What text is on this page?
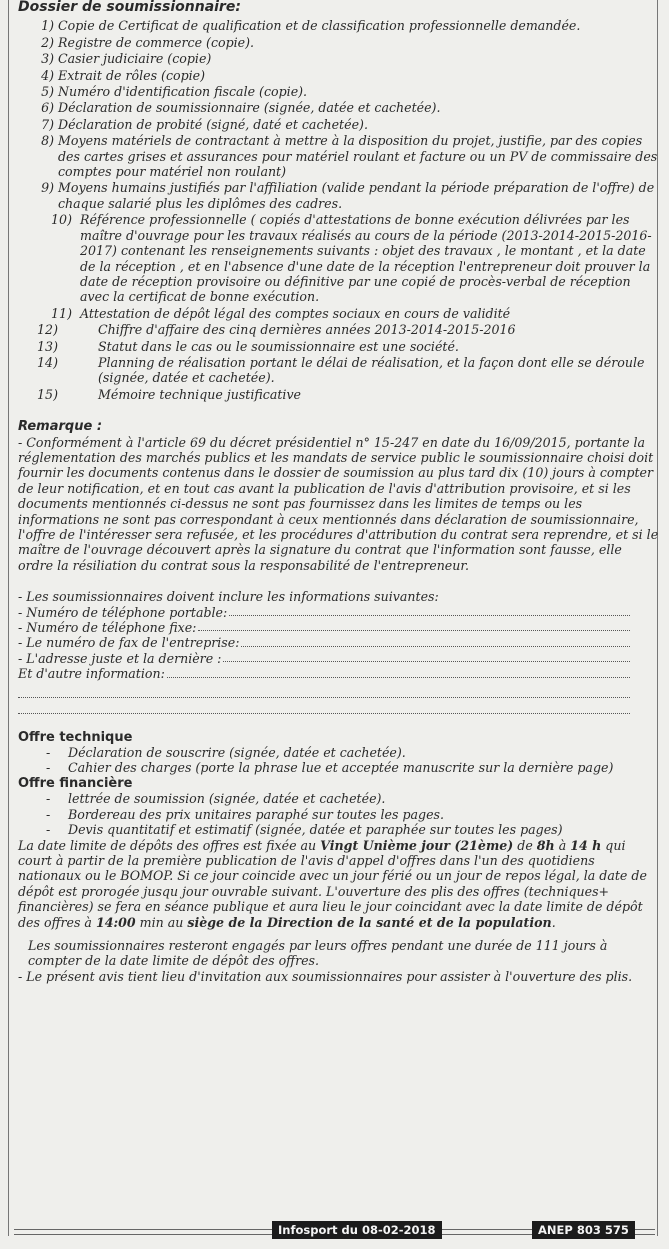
Dossier de soumissionnaire:
1) Copie de Certificat de qualification et de classification professionnelle demandée.
2) Registre de commerce (copie).
3) Casier judiciaire (copie)
4) Extrait de rôles (copie)
5) Numéro d'identification fiscale (copie).
6) Déclaration de soumissionnaire (signée, datée et cachetée).
7) Déclaration de probité (signé, daté et cachetée).
8) Moyens matériels de contractant à mettre à la disposition du projet, justifie, par des copies des cartes grises et assurances pour matériel roulant et facture ou un PV de commissaire des comptes pour matériel non roulant)
9) Moyens humains justifiés par l'affiliation (valide pendant la période préparation de l'offre) de chaque salarié plus les diplômes des cadres.
10) Référence professionnelle ( copiés d'attestations de bonne exécution délivrées par les maître d'ouvrage pour les travaux réalisés au cours de la période (2013-2014-2015-2016-2017) contenant les renseignements suivants : objet des travaux , le montant , et la date de la réception , et en l'absence d'une date de la réception l'entrepreneur doit prouver la date de réception provisoire ou définitive par une copié de procès-verbal de réception avec la certificat de bonne exécution.
11) Attestation de dépôt légal des comptes sociaux en cours de validité
12)	Chiffre d'affaire des cinq dernières années 2013-2014-2015-2016
13)	Statut dans le cas ou le soumissionnaire est une société.
14)	Planning de réalisation portant le délai de réalisation, et la façon dont elle se déroule (signée, datée et cachetée).
15)	Mémoire technique justificative
Remarque :

- Conformément à l'article 69 du décret présidentiel n° 15-247 en date du 16/09/2015, portante la réglementation des marchés publics et les mandats de service public le soumissionnaire choisi doit fournir les documents contenus dans le dossier de soumission au plus tard dix (10) jours à compter de leur notification, et en tout cas avant la publication de l'avis d'attribution provisoire, et si les documents mentionnés ci-dessus ne sont pas fournissez dans les limites de temps ou les informations ne sont pas correspondant à ceux mentionnés dans déclaration de soumissionnaire, l'offre de l'intéresser sera refusée, et les procédures d'attribution du contrat sera reprendre, et si le maître de l'ouvrage découvert après la signature du contrat que l'information sont fausse, elle ordre la résiliation du contrat sous la responsabilité de l'entrepreneur.

- Les soumissionnaires doivent inclure les informations suivantes:

- Numéro de téléphone portable:
- Numéro de téléphone fixe:
- Le numéro de fax de l'entreprise:
- L'adresse juste et la dernière :
Et d'autre information:
Offre technique
-	Déclaration de souscrire (signée, datée et cachetée).
-	Cahier des charges (porte la phrase lue et acceptée manuscrite sur la dernière page)
Offre financière
-	lettrée de soumission (signée, datée et cachetée).
-	Bordereau des prix unitaires paraphé sur toutes les pages.
-	Devis quantitatif et estimatif (signée, datée et paraphée sur toutes les pages)

La date limite de dépôts des offres est fixée au Vingt Unième jour (21ème) de 8h à 14 h qui court à partir de la première publication de l'avis d'appel d'offres dans l'un des quotidiens nationaux ou le BOMOP. Si ce jour coincide avec un jour férié ou un jour de repos légal, la date de dépôt est prorogée jusqu jour ouvrable suivant. L'ouverture des plis des offres (techniques+ financières) se fera en séance publique et aura lieu le jour coincidant avec la date limite de dépôt des offres à 14:00 min au siège de la Direction de la santé et de la population.

Les soumissionnaires resteront engagés par leurs offres pendant une durée de 111 jours à compter de la date limite de dépôt des offres.

- Le présent avis tient lieu d'invitation aux soumissionnaires pour assister à l'ouverture des plis.

Infosport du 08-02-2018	ANEP 803 575
